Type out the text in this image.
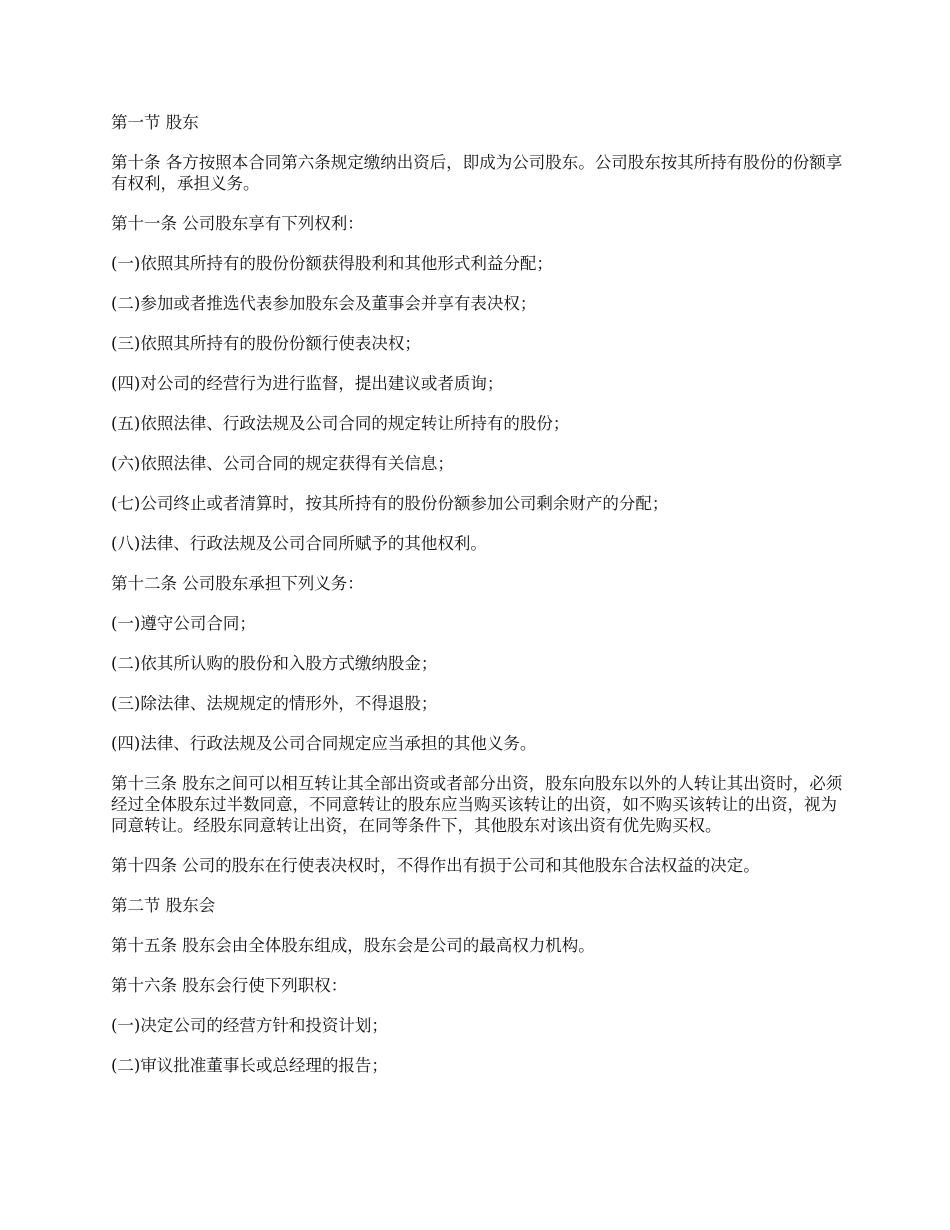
第一节 股东

第十条 各方按照本合同第六条规定缴纳出资后，即成为公司股东。公司股东按其所持有股份的份额享有权利，承担义务。

第十一条 公司股东享有下列权利：

(一)依照其所持有的股份份额获得股利和其他形式利益分配；

(二)参加或者推选代表参加股东会及董事会并享有表决权；

(三)依照其所持有的股份份额行使表决权；

(四)对公司的经营行为进行监督，提出建议或者质询；

(五)依照法律、行政法规及公司合同的规定转让所持有的股份；

(六)依照法律、公司合同的规定获得有关信息；

(七)公司终止或者清算时，按其所持有的股份份额参加公司剩余财产的分配；

(八)法律、行政法规及公司合同所赋予的其他权利。

第十二条 公司股东承担下列义务：

(一)遵守公司合同；

(二)依其所认购的股份和入股方式缴纳股金；

(三)除法律、法规规定的情形外，不得退股；

(四)法律、行政法规及公司合同规定应当承担的其他义务。

第十三条 股东之间可以相互转让其全部出资或者部分出资，股东向股东以外的人转让其出资时，必须经过全体股东过半数同意，不同意转让的股东应当购买该转让的出资，如不购买该转让的出资，视为同意转让。经股东同意转让出资，在同等条件下，其他股东对该出资有优先购买权。

第十四条 公司的股东在行使表决权时，不得作出有损于公司和其他股东合法权益的决定。

第二节 股东会

第十五条 股东会由全体股东组成，股东会是公司的最高权力机构。

第十六条 股东会行使下列职权：

(一)决定公司的经营方针和投资计划；

(二)审议批准董事长或总经理的报告；
